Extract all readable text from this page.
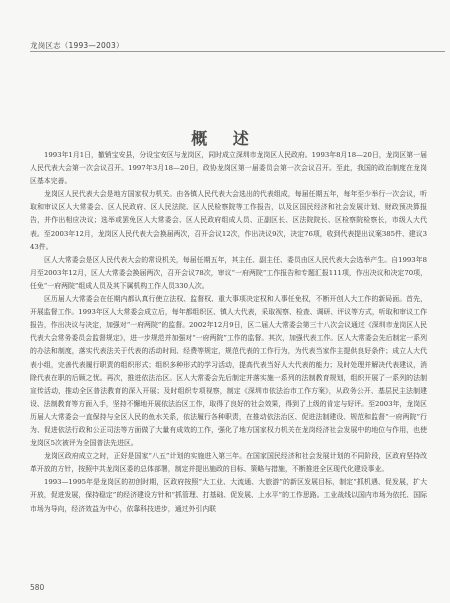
龙岗区志（1993—2003）
概 述

1993年1月1日，撤销宝安县，分设宝安区与龙岗区，同时成立深圳市龙岗区人民政府。1993年8月18—20日，龙岗区第一届人民代表大会第一次会议召开。1997年3月18—20日，政协龙岗区第一届委员会第一次会议召开。至此，我国的政治制度在龙岗区基本完善。

龙岗区人民代表大会是地方国家权力机关。由各镇人民代表大会选出的代表组成，每届任期五年，每年至少举行一次会议，听取和审议区人大常委会、区人民政府、区人民法院、区人民检察院等工作报告，以及区国民经济和社会发展计划、财政预决算报告，并作出相应决议；选举或罢免区人大常委会、区人民政府组成人员、正副区长、区法院院长、区检察院检察长，市级人大代表。至2003年12月，龙岗区人民代表大会换届两次，召开会议12次，作出决议9次，决定76项，收到代表提出议案385件、建议343件。

区人大常委会是区人民代表大会的常设机关，每届任期五年，其主任、副主任、委员由区人民代表大会选举产生。自1993年8月至2003年12月，区人大常委会换届两次，召开会议78次，审议“一府两院”工作报告和专题汇报111项，作出决议和决定70项，任免“一府两院”组成人员及其下属机构工作人员330人次。

区历届人大常委会在任期内都认真行使立法权、监督权、重大事项决定权和人事任免权，不断开创人大工作的新局面。首先，开展监督工作。1993年区人大常委会成立后，每年都组织区、镇人大代表，采取视察、检查、调研、评议等方式，听取和审议工作报告，作出决议与决定，加强对“一府两院”的监督。2002年12月9日，区二届人大常委会第三十八次会议通过《深圳市龙岗区人民代表大会常务委员会监督规定》，进一步规范并加强对“一府两院”工作的监督。其次，加强代表工作。区人大常委会先后制定一系列的办法和制度，落实代表法关于代表的活动时间、经费等规定，规范代表的工作行为，为代表当家作主提供良好条件；成立人大代表小组，完善代表履行职责的组织形式；组织多种形式的学习活动，提高代表当好人大代表的能力；及时处理并解决代表建议，消除代表在职的后顾之忧。再次，推进依法治区。区人大常委会先后制定并落实施一系列的法制教育规划，组织开展了一系列的法制宣传活动，推动全区普法教育的深入开展；及时组织专项视察，制定《深圳市依法治市工作方案》，从政务公开、基层民主法制建设、法制教育等方面入手，坚持不懈地开展依法治区工作，取得了良好的社会效果，得到了上级的肯定与好评。至2003年，龙岗区历届人大常委会一直保持与全区人民的鱼水关系，依法履行各种职责，在推动依法治区、促进法制建设、规范和监督“一府两院”行为、促进依法行政和公正司法等方面做了大量有成效的工作，强化了地方国家权力机关在龙岗经济社会发展中的地位与作用，也使龙岗区5次被评为全国普法先进区。

龙岗区政府成立之时，正好是国家“八五”计划的实施进入第三年。在国家国民经济和社会发展计划的不同阶段，区政府坚持改革开放的方针，按照中共龙岗区委的总体部署，制定并提出施政的目标、策略与措施，不断推进全区现代化建设事业。

1993—1995年是龙岗区的初创时期，区政府按照“大工业、大流通、大旅游”的新区发展目标，制定“抓机遇、促发展，扩大开放，促进发展，保持稳定”的经济建设方针和“抓管理、打基础、促发展、上水平”的工作思路。工业战线以国内市场为依托、国际市场为导向，经济效益为中心，依靠科技进步，通过外引内联

580
